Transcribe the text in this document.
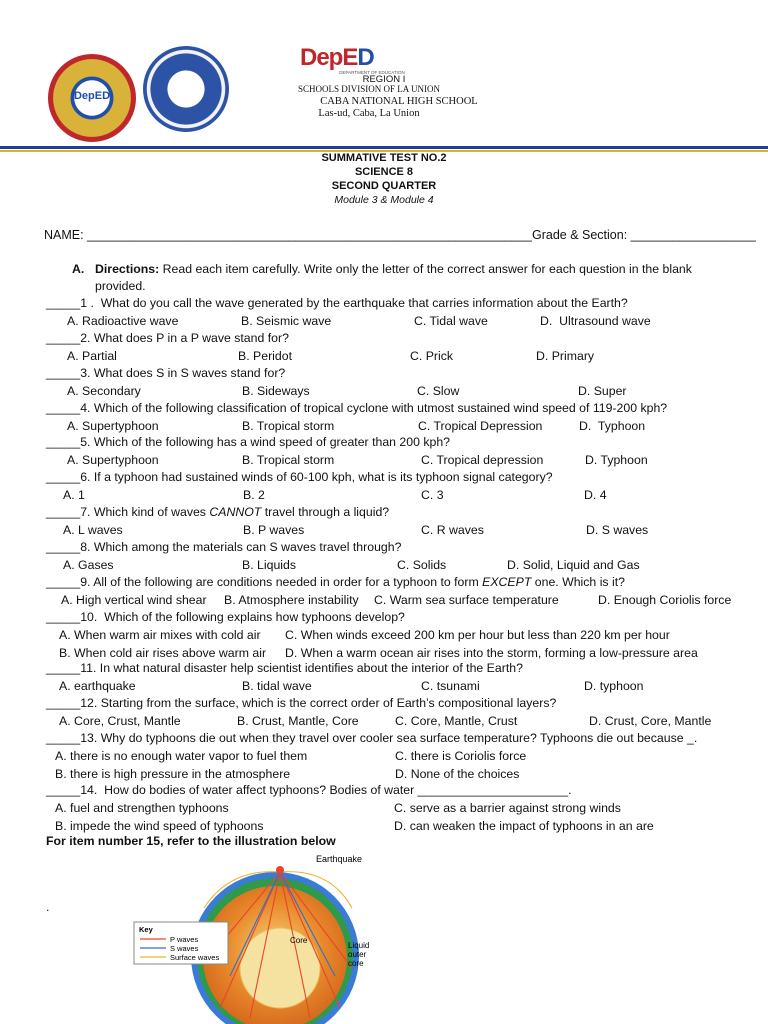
DepED
DEPED
DepED
DEPARTMENT OF EDUCATION
REGION I
SCHOOLS DIVISION OF LA UNION
CABA NATIONAL HIGH SCHOOL
Las-ud, Caba, La Union
SUMMATIVE TEST NO.2
SCIENCE 8
SECOND QUARTER
Module 3 & Module 4
NAME: ________________________________________________________________Grade & Section: __________________
A. Directions: Read each item carefully. Write only the letter of the correct answer for each question in the blank
provided.
_____1 .  What do you call the wave generated by the earthquake that carries information about the Earth?
A. Radioactive wave	B. Seismic wave	C. Tidal wave	D.  Ultrasound wave
_____2. What does P in a P wave stand for?
A. Partial	B. Peridot	C. Prick	D. Primary
_____3. What does S in S waves stand for?
A. Secondary	B. Sideways	C. Slow	D. Super
_____4. Which of the following classification of tropical cyclone with utmost sustained wind speed of 119-200 kph?
A. Supertyphoon	B. Tropical storm	C. Tropical Depression	D.  Typhoon
_____5. Which of the following has a wind speed of greater than 200 kph?
A. Supertyphoon	B. Tropical storm	C. Tropical depression	D. Typhoon
_____6. If a typhoon had sustained winds of 60-100 kph, what is its typhoon signal category?
A. 1	B. 2	C. 3	D. 4
_____7. Which kind of waves CANNOT travel through a liquid?
A. L waves	B. P waves	C. R waves	D. S waves
_____8. Which among the materials can S waves travel through?
A. Gases	B. Liquids	C. Solids	D. Solid, Liquid and Gas
_____9. All of the following are conditions needed in order for a typhoon to form EXCEPT one. Which is it?
A. High vertical wind shear B. Atmosphere instability C. Warm sea surface temperature	D. Enough Coriolis force
_____10.  Which of the following explains how typhoons develop?
A. When warm air mixes with cold air C. When winds exceed 200 km per hour but less than 220 km per hour
B. When cold air rises above warm air D. When a warm ocean air rises into the storm, forming a low-pressure area
_____11. In what natural disaster help scientist identifies about the interior of the Earth?
A. earthquake	B. tidal wave	C. tsunami	D. typhoon
_____12. Starting from the surface, which is the correct order of Earth’s compositional layers?
A. Core, Crust, Mantle	B. Crust, Mantle, Core	C. Core, Mantle, Crust	D. Crust, Core, Mantle
_____13. Why do typhoons die out when they travel over cooler sea surface temperature? Typhoons die out because _.
A. there is no enough water vapor to fuel them	C. there is Coriolis force
B. there is high pressure in the atmosphere	D. None of the choices
_____14.  How do bodies of water affect typhoons? Bodies of water ______________________.
A. fuel and strengthen typhoons	C. serve as a barrier against strong winds
B. impede the wind speed of typhoons	D. can weaken the impact of typhoons in an are
For item number 15, refer to the illustration below
.
Earthquake
Core
Liquid
outer
core
Key
P waves
S waves
Surface waves
